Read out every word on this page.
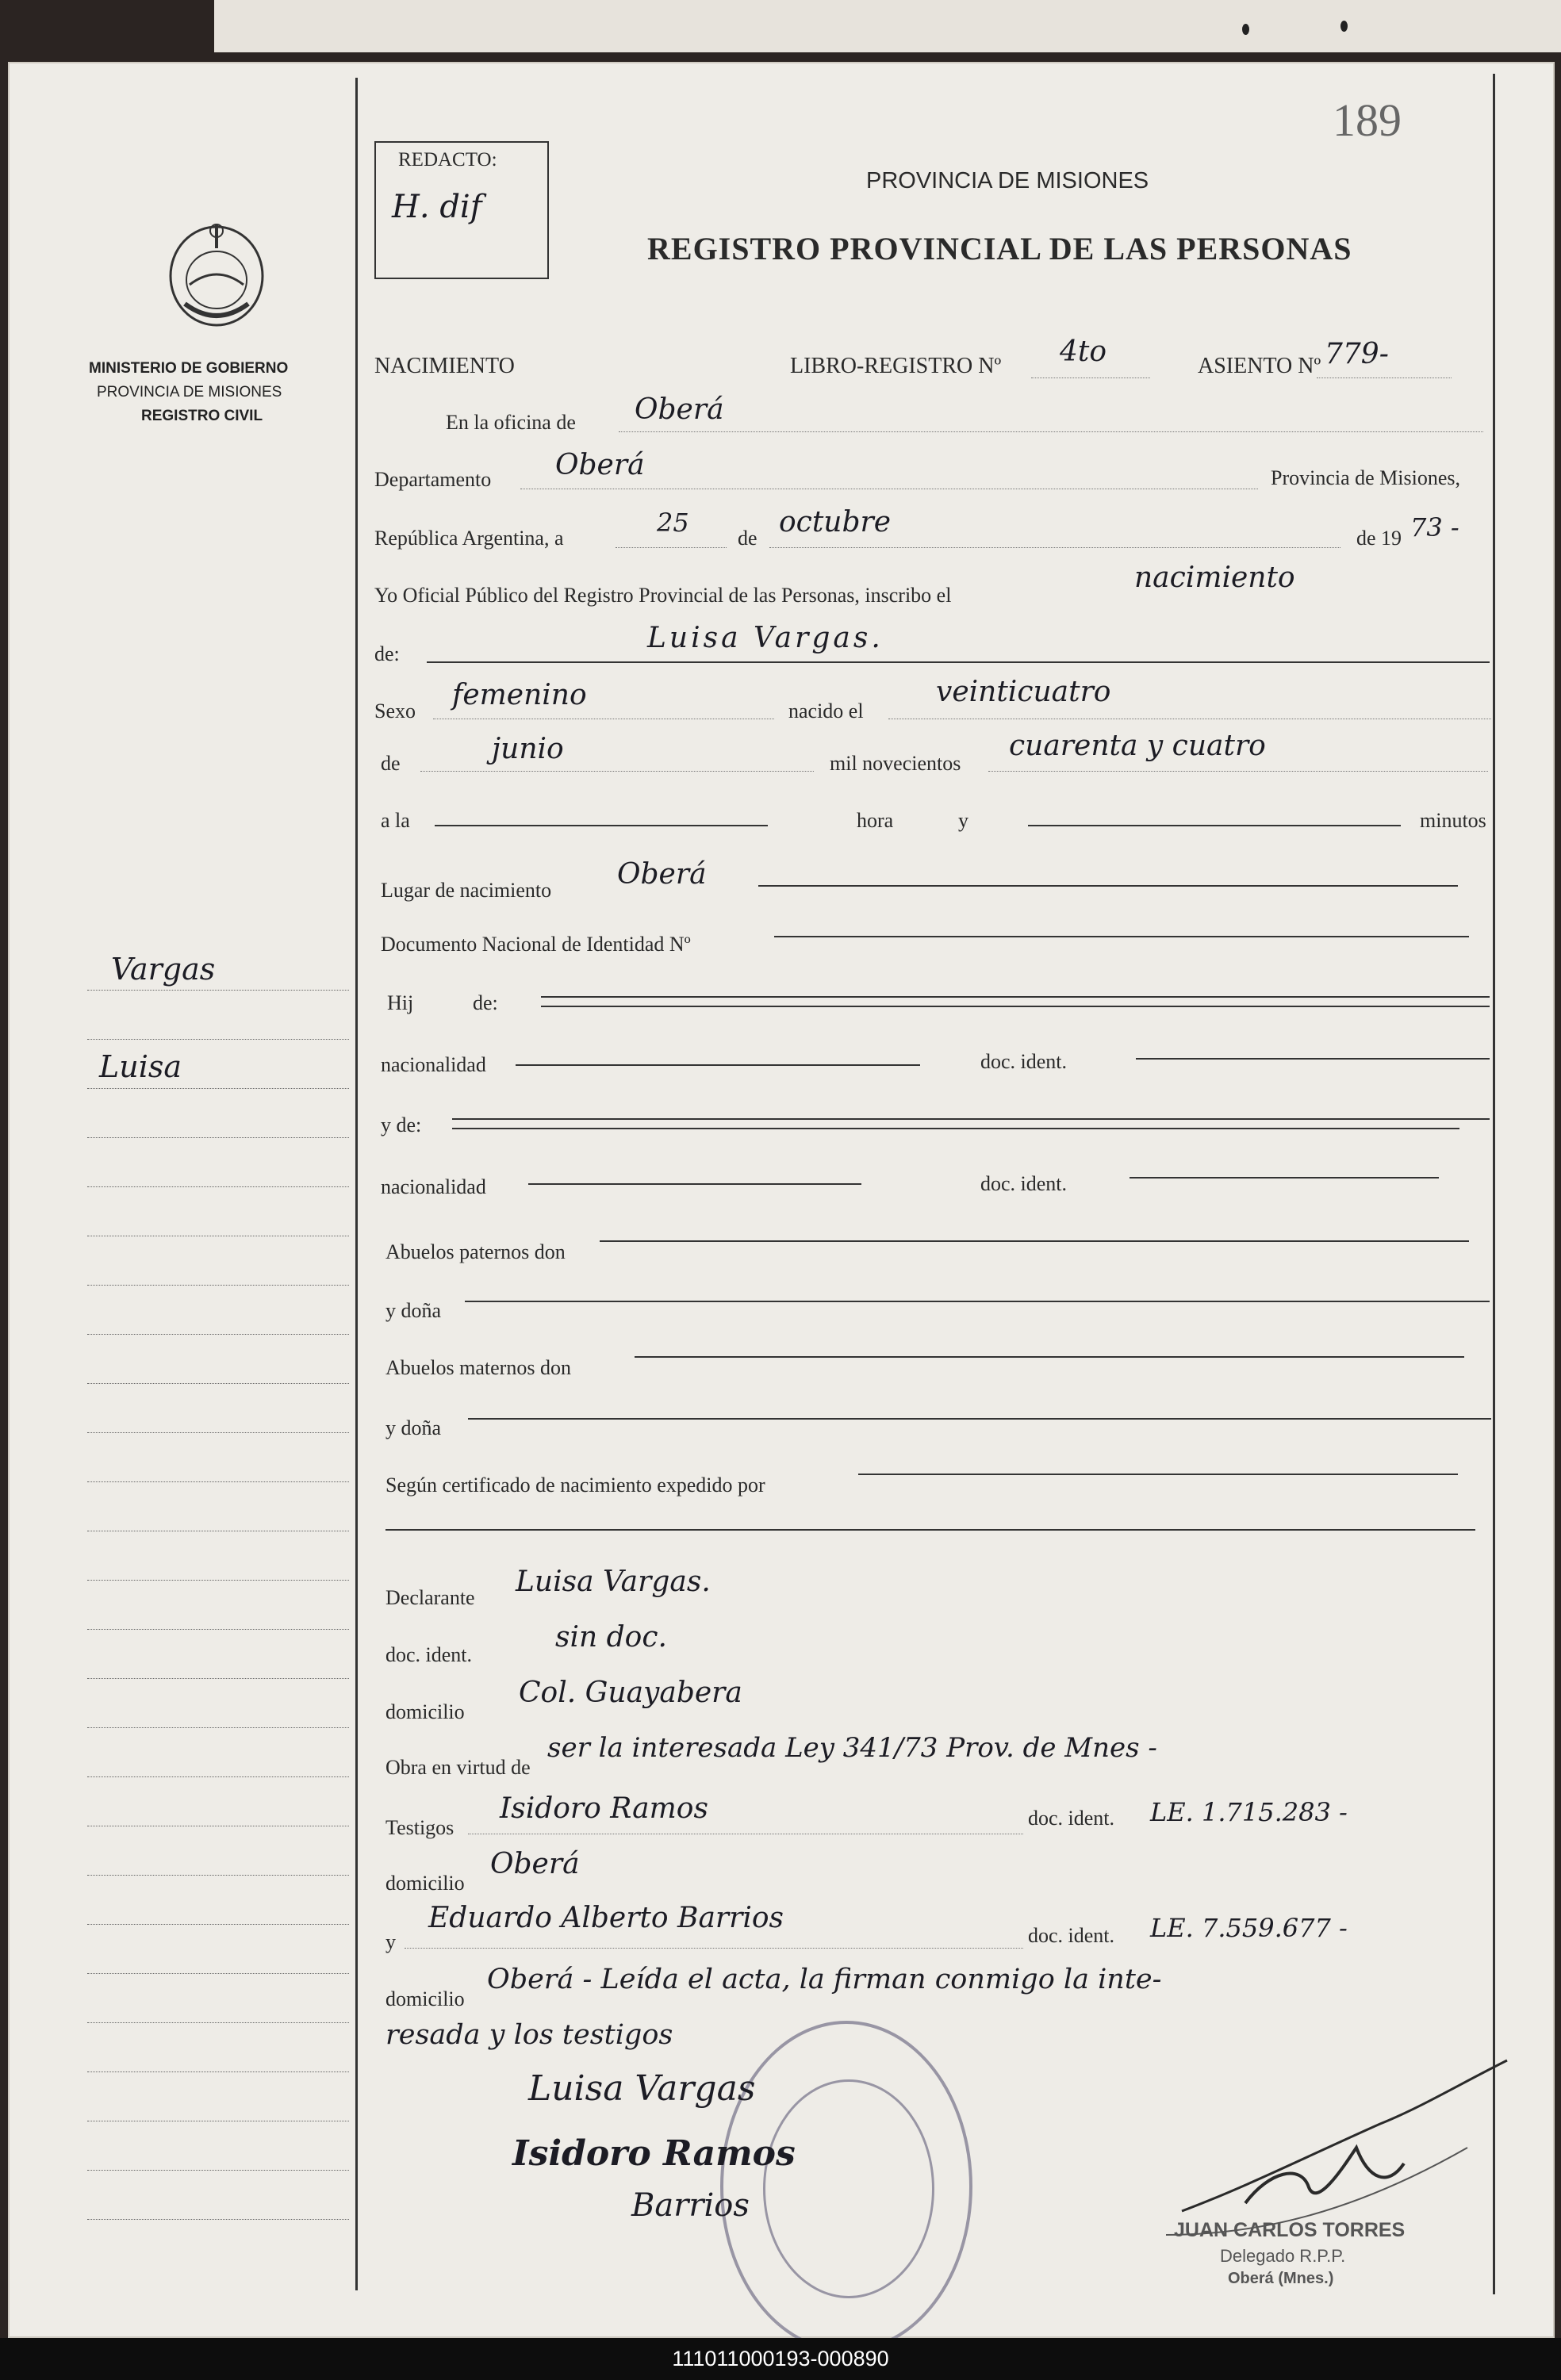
189
MINISTERIO DE GOBIERNO
PROVINCIA DE MISIONES
REGISTRO CIVIL
Vargas
Luisa
REDACTO:
H. dif
PROVINCIA DE MISIONES
REGISTRO PROVINCIAL DE LAS PERSONAS
NACIMIENTO	LIBRO-REGISTRO Nº 4to	ASIENTO Nº 779-
En la oficina de Oberá
Departamento Oberá	Provincia de Misiones,
República Argentina, a
25
de octubre	de 19 73 -
Yo Oficial Público del Registro Provincial de las Personas, inscribo el
nacimiento
de:	Luisa Vargas.
Sexo femenino	nacido el
veinticuatro
de	junio	mil novecientos
cuarenta y cuatro
a la	hora	y	minutos
Lugar de nacimiento Oberá
Documento Nacional de Identidad Nº
Hij	de:
nacionalidad	doc. ident.
y de:
nacionalidad	doc. ident.
Abuelos paternos don
y doña
Abuelos maternos don
y doña
Según certificado de nacimiento expedido por
Declarante Luisa Vargas.
doc. ident.
sin doc.
domicilio
Col. Guayabera
Obra en virtud de
ser la interesada Ley 341/73 Prov. de Mnes -
Testigos
Isidoro Ramos	doc. ident. LE. 1.715.283 -
domicilio
Oberá
y
Eduardo Alberto Barrios
doc. ident. LE. 7.559.677 -
domicilio
Oberá - Leída el acta, la firman conmigo la inte-
resada y los testigos
Luisa Vargas
Isidoro Ramos
Barrios
JUAN CARLOS TORRES
Delegado R.P.P.
Oberá (Mnes.)
111011000193-000890
